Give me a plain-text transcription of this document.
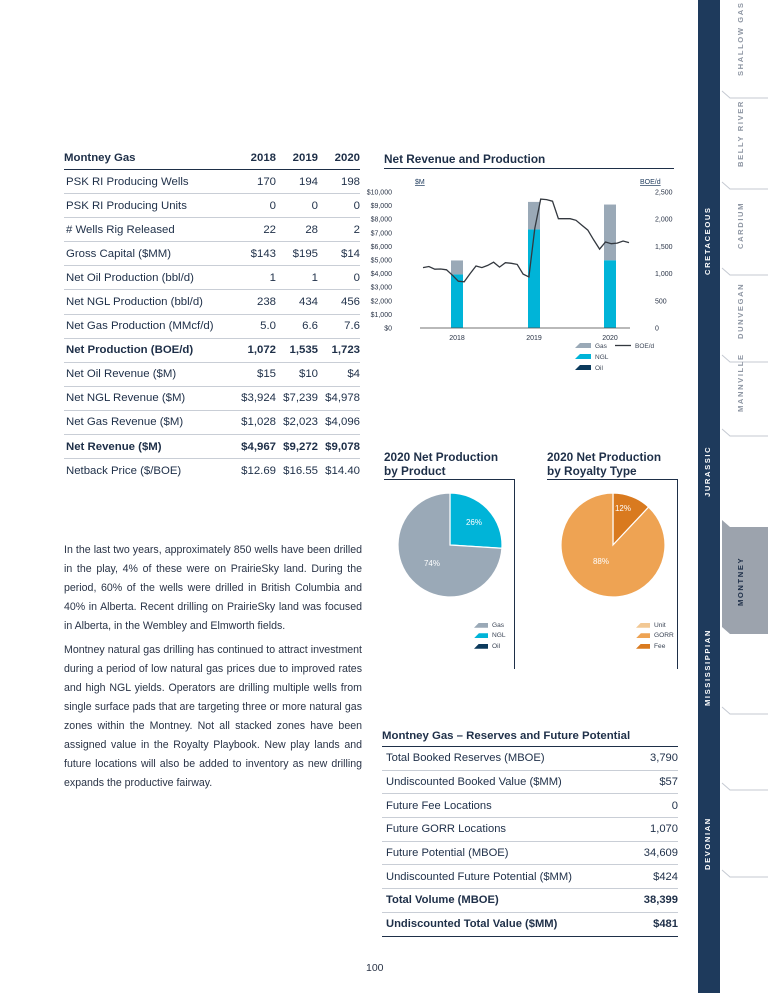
Montney Gas	2018	2019	2020
PSK RI Producing Wells	170	194	198
PSK RI Producing Units	0	0	0
# Wells Rig Released	22	28	2
Gross Capital ($MM)	$143	$195	$14
Net Oil Production (bbl/d)	1	1	0
Net NGL Production (bbl/d)	238	434	456
Net Gas Production (MMcf/d)	5.0	6.6	7.6
Net Production (BOE/d)	1,072	1,535	1,723
Net Oil Revenue ($M)	$15	$10	$4
Net NGL Revenue ($M)	$3,924	$7,239	$4,978
Net Gas Revenue ($M)	$1,028	$2,023	$4,096
Net Revenue ($M)	$4,967	$9,272	$9,078
Netback Price ($/BOE)	$12.69	$16.55	$14.40
In the last two years, approximately 850 wells have been drilled in the play, 4% of these were on PrairieSky land. During the period, 60% of the wells were drilled in British Columbia and 40% in Alberta. Recent drilling on PrairieSky land was focused in Alberta, in the Wembley and Elmworth fields.
Montney natural gas drilling has continued to attract investment during a period of low natural gas prices due to improved rates and high NGL yields. Operators are drilling multiple wells from single surface pads that are targeting three or more natural gas zones within the Montney. Not all stacked zones have been assigned value in the Royalty Playbook. New play lands and future locations will also be added to inventory as new drilling expands the productive fairway.
Net Revenue and Production
$M	BOE/d
$10,000
$9,000
$8,000
$7,000
$6,000
$5,000
$4,000
$3,000
$2,000
$1,000
$0
2,500
2,000
1,500
1,000
500
0
2018	2019	2020
Gas
NGL
Oil
BOE/d
2020 Net Production
by Product
26%
74%
Gas
NGL
Oil
2020 Net Production
by Royalty Type
12%
88%
Unit
GORR
Fee
Montney Gas – Reserves and Future Potential	
Total Booked Reserves (MBOE)	3,790
Undiscounted Booked Value ($MM)	$57
Future Fee Locations	0
Future GORR Locations	1,070
Future Potential (MBOE)	34,609
Undiscounted Future Potential ($MM)	$424
Total Volume (MBOE)	38,399
Undiscounted Total Value ($MM)	$481
100
CRETACEOUS
JURASSIC
MISSISSIPPIAN
DEVONIAN
SHALLOW GAS
BELLY RIVER
CARDIUM
DUNVEGAN
MANNVILLE
MONTNEY
